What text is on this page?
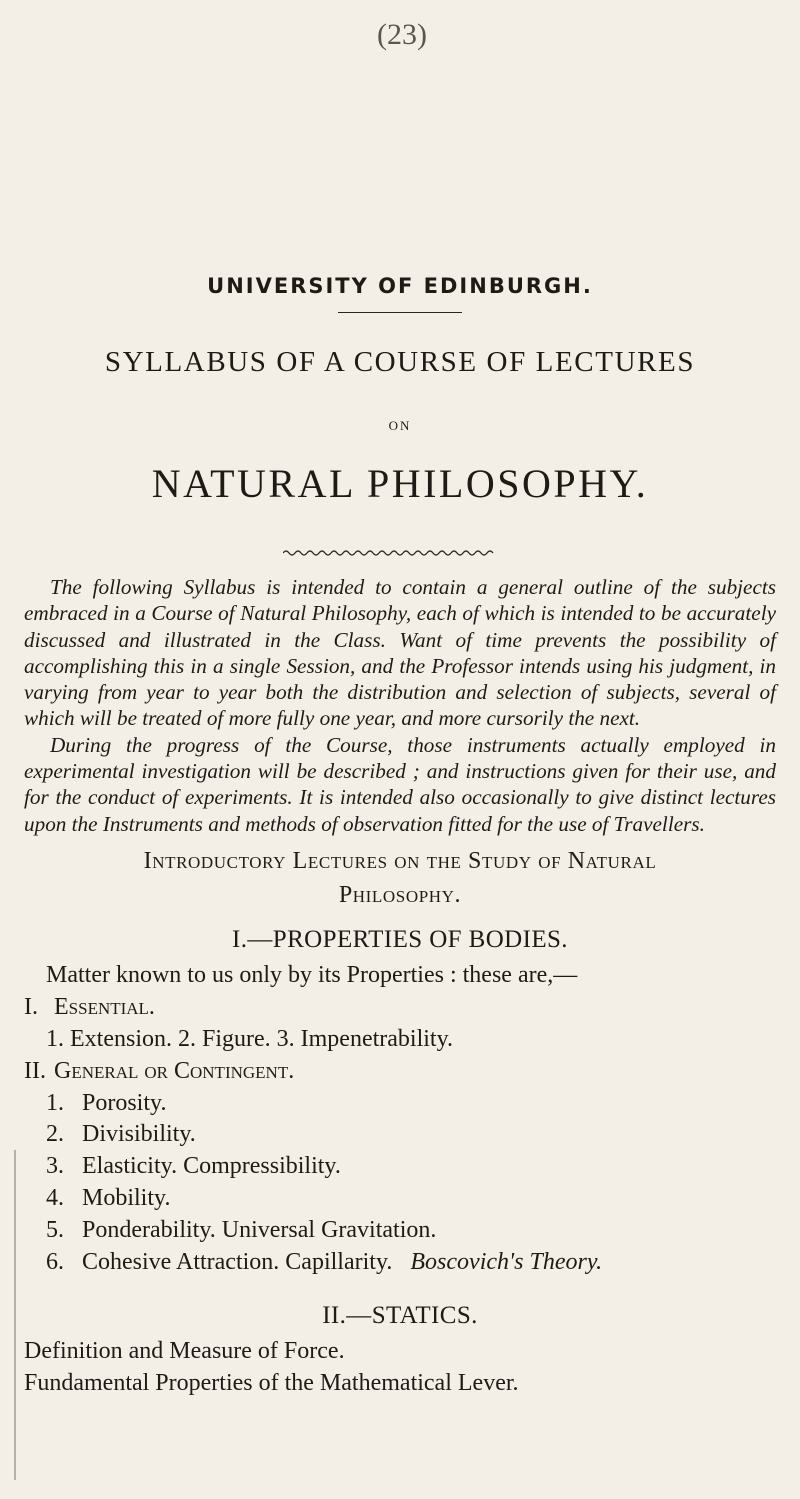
(23)
UNIVERSITY OF EDINBURGH.
SYLLABUS OF A COURSE OF LECTURES
ON
NATURAL PHILOSOPHY.

The following Syllabus is intended to contain a general outline of the subjects embraced in a Course of Natural Philosophy, each of which is intended to be accurately discussed and illustrated in the Class. Want of time prevents the possibility of accomplishing this in a single Session, and the Professor intends using his judgment, in varying from year to year both the distribution and selection of subjects, several of which will be treated of more fully one year, and more cursorily the next.

During the progress of the Course, those instruments actually employed in experimental investigation will be described ; and instructions given for their use, and for the conduct of experiments. It is intended also occasionally to give distinct lectures upon the Instruments and methods of observation fitted for the use of Travellers.

Introductory Lectures on the Study of Natural
Philosophy.
I.—PROPERTIES OF BODIES.
Matter known to us only by its Properties : these are,—
I. Essential.
1. Extension. 2. Figure. 3. Impenetrability.
II. General or Contingent.
1. Porosity.
2. Divisibility.
3. Elasticity. Compressibility.
4. Mobility.
5. Ponderability. Universal Gravitation.
6. Cohesive Attraction. Capillarity. Boscovich's Theory.
II.—STATICS.
Definition and Measure of Force.
Fundamental Properties of the Mathematical Lever.
